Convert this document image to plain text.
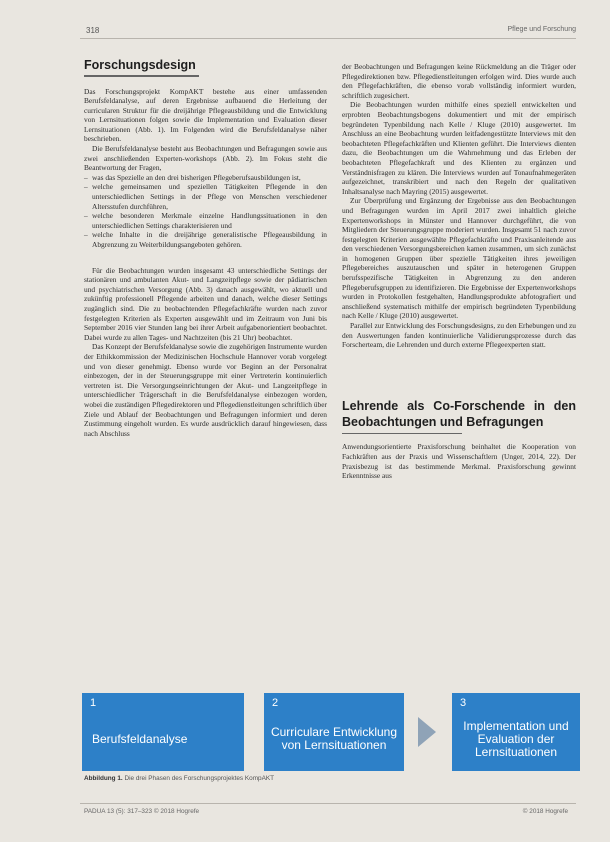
318	Pflege und Forschung
Forschungsdesign

Das Forschungsprojekt KompAKT bestehe aus einer umfassenden Berufsfeldanalyse, auf deren Ergebnisse aufbauend die Herleitung der curricularen Struktur für die dreijährige Pflegeausbildung und die Entwicklung von Lernsituationen folgen sowie die Implementation und Evaluation dieser Lernsituationen (Abb. 1). Im Folgenden wird die Berufsfeldanalyse näher beschrieben.

Die Berufsfeldanalyse besteht aus Beobachtungen und Befragungen sowie aus zwei anschließenden Experten-workshops (Abb. 2). Im Fokus steht die Beantwortung der Fragen,

– was das Spezielle an den drei bisherigen Pflegeberufsausbildungen ist,
– welche gemeinsamen und speziellen Tätigkeiten Pflegende in den unterschiedlichen Settings in der Pflege von Menschen verschiedener Altersstufen durchführen,
– welche besonderen Merkmale einzelne Handlungssituationen in den unterschiedlichen Settings charakterisieren und
– welche Inhalte in die dreijährige generalistische Pflegeausbildung in Abgrenzung zu Weiterbildungsangeboten gehören.

Für die Beobachtungen wurden insgesamt 43 unterschiedliche Settings der stationären und ambulanten Akut- und Langzeitpflege sowie der pädiatrischen und psychiatrischen Versorgung (Abb. 3) danach ausgewählt, wo aktuell und zukünftig professionell Pflegende arbeiten und danach, welche dieser Settings zugänglich sind. Die zu beobachtenden Pflegefachkräfte wurden nach zuvor festgelegten Kriterien als Experten ausgewählt und im Zeitraum von Juni bis September 2016 vier Stunden lang bei ihrer Arbeit aufgabenorientiert beobachtet. Dabei wurde zu allen Tages- und Nachtzeiten (bis 21 Uhr) beobachtet.

Das Konzept der Berufsfeldanalyse sowie die zugehörigen Instrumente wurden der Ethikkommission der Medizinischen Hochschule Hannover vorab vorgelegt und von dieser genehmigt. Ebenso wurde vor Beginn an der Personalrat einbezogen, der in der Steuerungsgruppe mit einer Vertreterin kontinuierlich vertreten ist. Die Versorgungseinrichtungen der Akut- und Langzeitpflege in unterschiedlicher Trägerschaft in die Berufsfeldanalyse einbezogen worden, wobei die zuständigen Pflegedirektoren und Pflegedienstleitungen schriftlich über Ziele und Ablauf der Beobachtungen und Befragungen informiert und deren Zustimmung eingeholt wurden. Es wurde ausdrücklich darauf hingewiesen, dass nach Abschluss

der Beobachtungen und Befragungen keine Rückmeldung an die Träger oder Pflegedirektionen bzw. Pflegedienstleitungen erfolgen wird. Dies wurde auch den Pflegefachkräften, die ebenso vorab vollständig informiert wurden, schriftlich zugesichert.

Die Beobachtungen wurden mithilfe eines speziell entwickelten und erprobten Beobachtungsbogens dokumentiert und mit der empirisch begründeten Typenbildung nach Kelle / Kluge (2010) ausgewertet. Im Anschluss an eine Beobachtung wurden leitfadengestützte Interviews mit den beobachteten Pflegefachkräften und Klienten geführt. Die Interviews dienten dazu, die Beobachtungen um die Wahrnehmung und das Erleben der beobachteten Pflegefachkraft und des Klienten zu ergänzen und Verständnisfragen zu klären. Die Interviews wurden auf Tonaufnahmegeräten aufgezeichnet, transkribiert und nach den Regeln der qualitativen Inhaltsanalyse nach Mayring (2015) ausgewertet.

Zur Überprüfung und Ergänzung der Ergebnisse aus den Beobachtungen und Befragungen wurden im April 2017 zwei inhaltlich gleiche Expertenworkshops in Münster und Hannover durchgeführt, die von Mitgliedern der Steuerungsgruppe moderiert wurden. Insgesamt 51 nach zuvor festgelegten Kriterien ausgewählte Pflegefachkräfte und Praxisanleitende aus den verschiedenen Versorgungsbereichen kamen zusammen, um sich zunächst in homogenen Gruppen über spezielle Tätigkeiten ihres jeweiligen Pflegebereiches auszutauschen und später in heterogenen Gruppen berufsspezifische Tätigkeiten in Abgrenzung zu den anderen Pflegeberufsgruppen zu identifizieren. Die Ergebnisse der Expertenworkshops wurden in Protokollen festgehalten, Handlungsprodukte abfotografiert und anschließend systematisch mithilfe der empirisch begründeten Typenbildung nach Kelle / Kluge (2010) ausgewertet.

Parallel zur Entwicklung des Forschungsdesigns, zu den Erhebungen und zu den Auswertungen fanden kontinuierliche Validierungsprozesse durch das Forscherteam, die Lehrenden und durch externe Pflegeexperten statt.

Lehrende als Co-Forschende in den Beobachtungen und Befragungen

Anwendungsorientierte Praxisforschung beinhaltet die Kooperation von Fachkräften aus der Praxis und Wissenschaftlern (Unger, 2014, 22). Der Praxisbezug ist das bestimmende Merkmal. Praxisforschung gewinnt Erkenntnisse aus

1
Berufsfeldanalyse
2
Curriculare Entwicklung von Lernsituationen
3
Implementation und Evaluation der Lernsituationen
Abbildung 1. Die drei Phasen des Forschungsprojektes KompAKT
PADUA 13 (5): 317–323 © 2018 Hogrefe	© 2018 Hogrefe
